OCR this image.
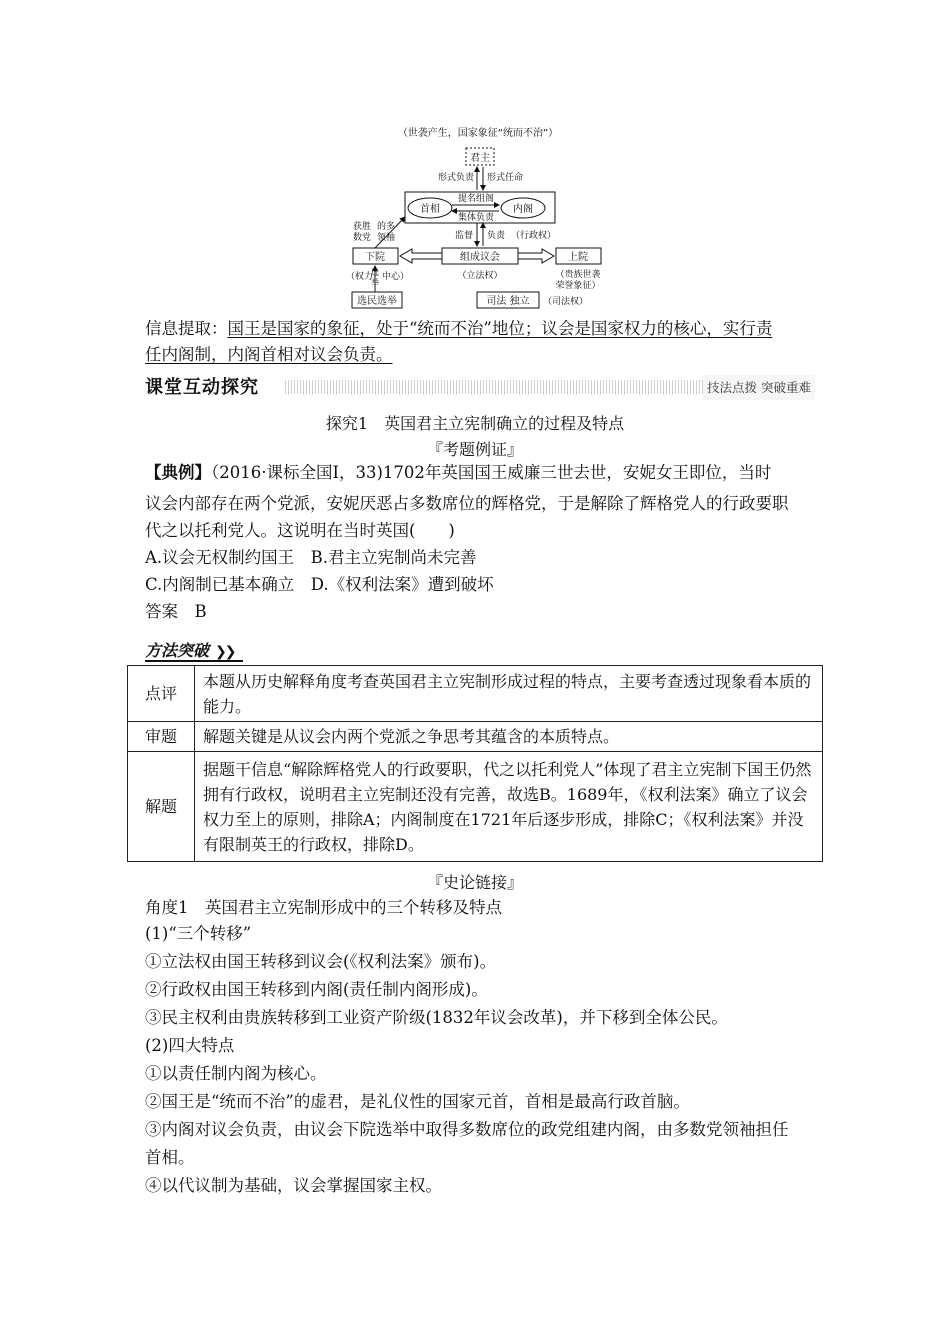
（世袭产生，国家象征“统而不治”）
君主
形式负责 形式任命
首相	内阁
提名组阁
集体负责
获胜
数党
的多
领袖	监督 负责 （行政权）
下院	组成议会	上院
（权力
选
举
中心）	（立法权）	（贵族世袭
荣誉象征）
选民选举	司法 独立 （司法权）
信息提取：国王是国家的象征，处于“统而不治”地位；议会是国家权力的核心，实行责
任内阁制，内阁首相对议会负责。
课堂互动探究	技法点拨 突破重难
探究1　英国君主立宪制确立的过程及特点
『考题例证』
【典例】（2016·课标全国Ⅰ，33)1702年英国国王威廉三世去世，安妮女王即位，当时
议会内部存在两个党派，安妮厌恶占多数席位的辉格党，于是解除了辉格党人的行政要职
代之以托利党人。这说明在当时英国(　　)
A.议会无权制约国王　B.君主立宪制尚未完善
C.内阁制已基本确立　D.《权利法案》遭到破坏
答案　B
方法突破 ❯❯
点评	本题从历史解释角度考查英国君主立宪制形成过程的特点，主要考查透过现象看本质的能力。
审题	解题关键是从议会内两个党派之争思考其蕴含的本质特点。
解题	据题干信息“解除辉格党人的行政要职，代之以托利党人”体现了君主立宪制下国王仍然拥有行政权，说明君主立宪制还没有完善，故选B。1689年，《权利法案》确立了议会权力至上的原则，排除A；内阁制度在1721年后逐步形成，排除C；《权利法案》并没有限制英王的行政权，排除D。
『史论链接』
角度1　英国君主立宪制形成中的三个转移及特点
(1)“三个转移”
①立法权由国王转移到议会(《权利法案》颁布)。
②行政权由国王转移到内阁(责任制内阁形成)。
③民主权利由贵族转移到工业资产阶级(1832年议会改革)，并下移到全体公民。
(2)四大特点
①以责任制内阁为核心。
②国王是“统而不治”的虚君，是礼仪性的国家元首，首相是最高行政首脑。
③内阁对议会负责，由议会下院选举中取得多数席位的政党组建内阁，由多数党领袖担任
首相。
④以代议制为基础，议会掌握国家主权。
